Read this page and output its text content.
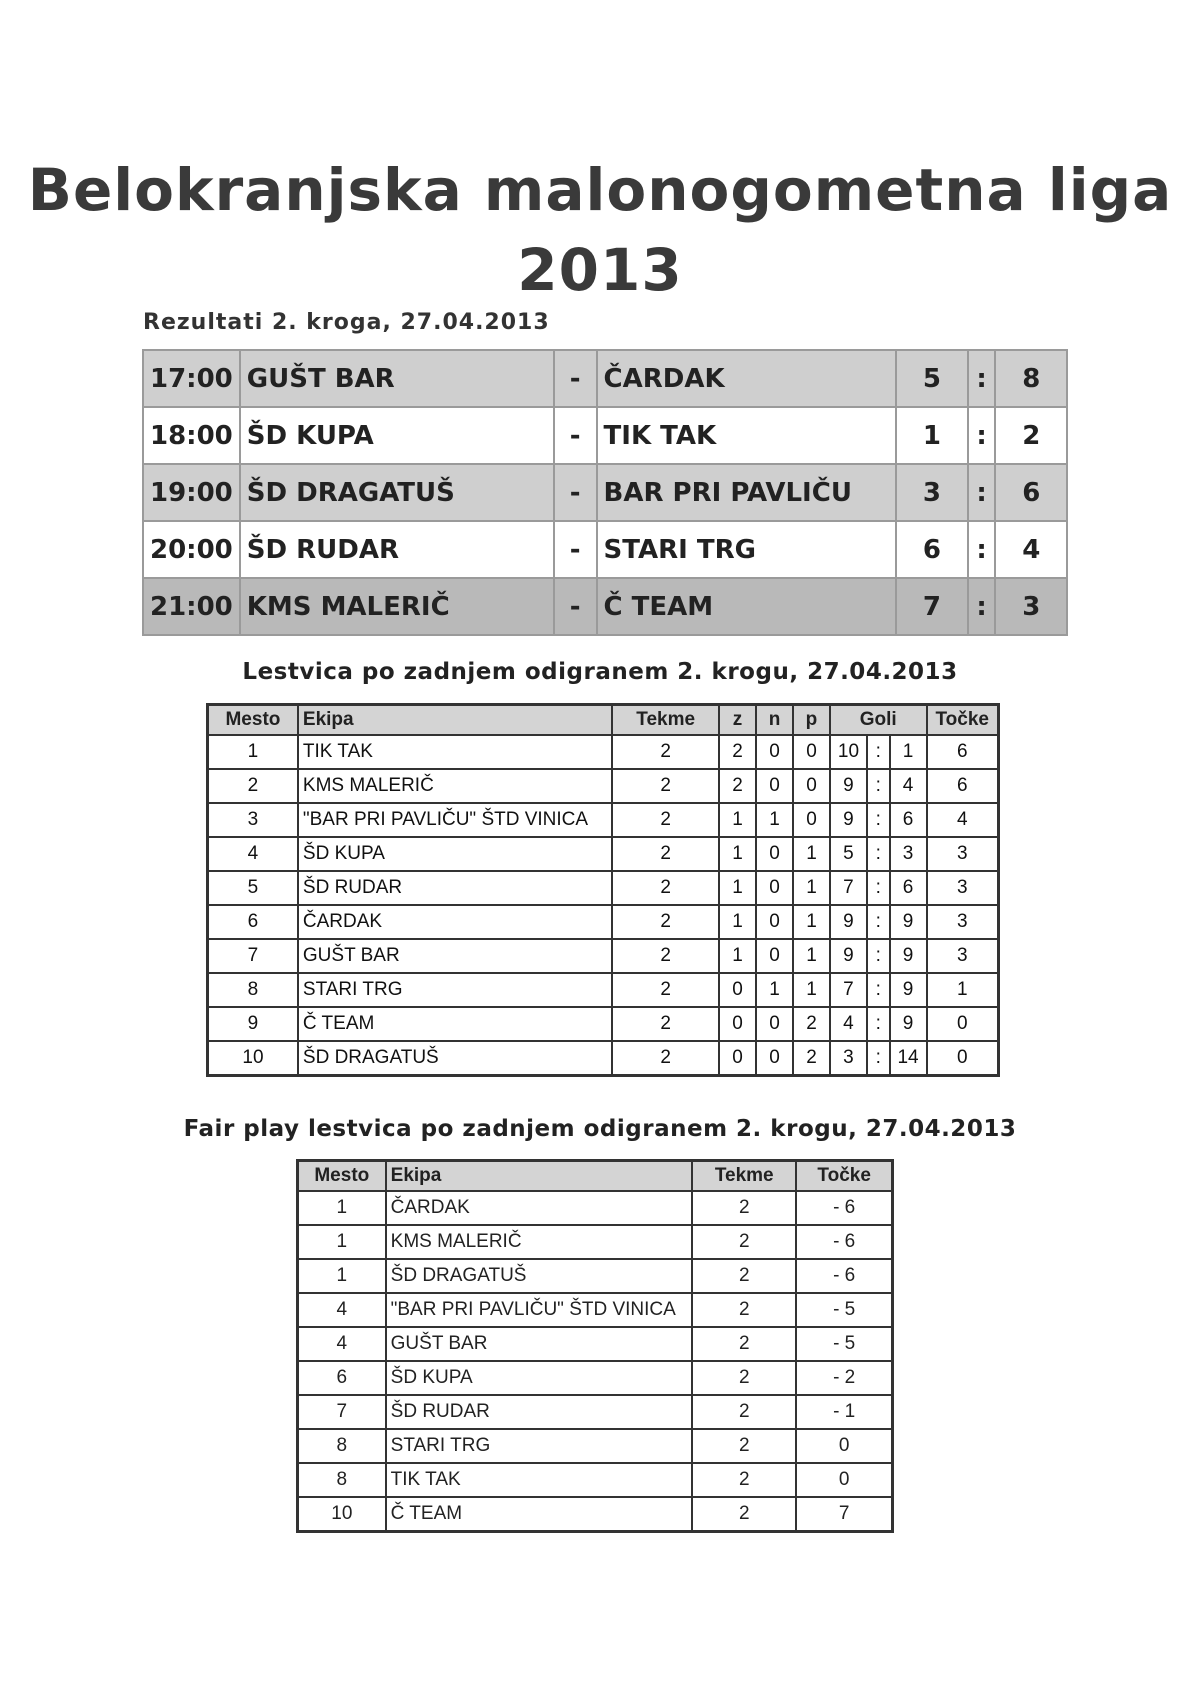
Belokranjska malonogometna liga
2013
Rezultati 2. kroga, 27.04.2013
17:00	GUŠT BAR	-	ČARDAK	5	:	8
18:00	ŠD KUPA	-	TIK TAK	1	:	2
19:00	ŠD DRAGATUŠ	-	BAR PRI PAVLIČU	3	:	6
20:00	ŠD RUDAR	-	STARI TRG	6	:	4
21:00	KMS MALERIČ	-	Č TEAM	7	:	3
Lestvica po zadnjem odigranem 2. krogu, 27.04.2013
Mesto	Ekipa	Tekme	z	n	p	Goli			Točke
1	TIK TAK	2	2	0	0	10	:	1	6
2	KMS MALERIČ	2	2	0	0	9	:	4	6
3	"BAR PRI PAVLIČU" ŠTD VINICA	2	1	1	0	9	:	6	4
4	ŠD KUPA	2	1	0	1	5	:	3	3
5	ŠD RUDAR	2	1	0	1	7	:	6	3
6	ČARDAK	2	1	0	1	9	:	9	3
7	GUŠT BAR	2	1	0	1	9	:	9	3
8	STARI TRG	2	0	1	1	7	:	9	1
9	Č TEAM	2	0	0	2	4	:	9	0
10	ŠD DRAGATUŠ	2	0	0	2	3	:	14	0
Fair play lestvica po zadnjem odigranem 2. krogu, 27.04.2013
Mesto	Ekipa	Tekme	Točke
1	ČARDAK	2	- 6
1	KMS MALERIČ	2	- 6
1	ŠD DRAGATUŠ	2	- 6
4	"BAR PRI PAVLIČU" ŠTD VINICA	2	- 5
4	GUŠT BAR	2	- 5
6	ŠD KUPA	2	- 2
7	ŠD RUDAR	2	- 1
8	STARI TRG	2	0
8	TIK TAK	2	0
10	Č TEAM	2	7
